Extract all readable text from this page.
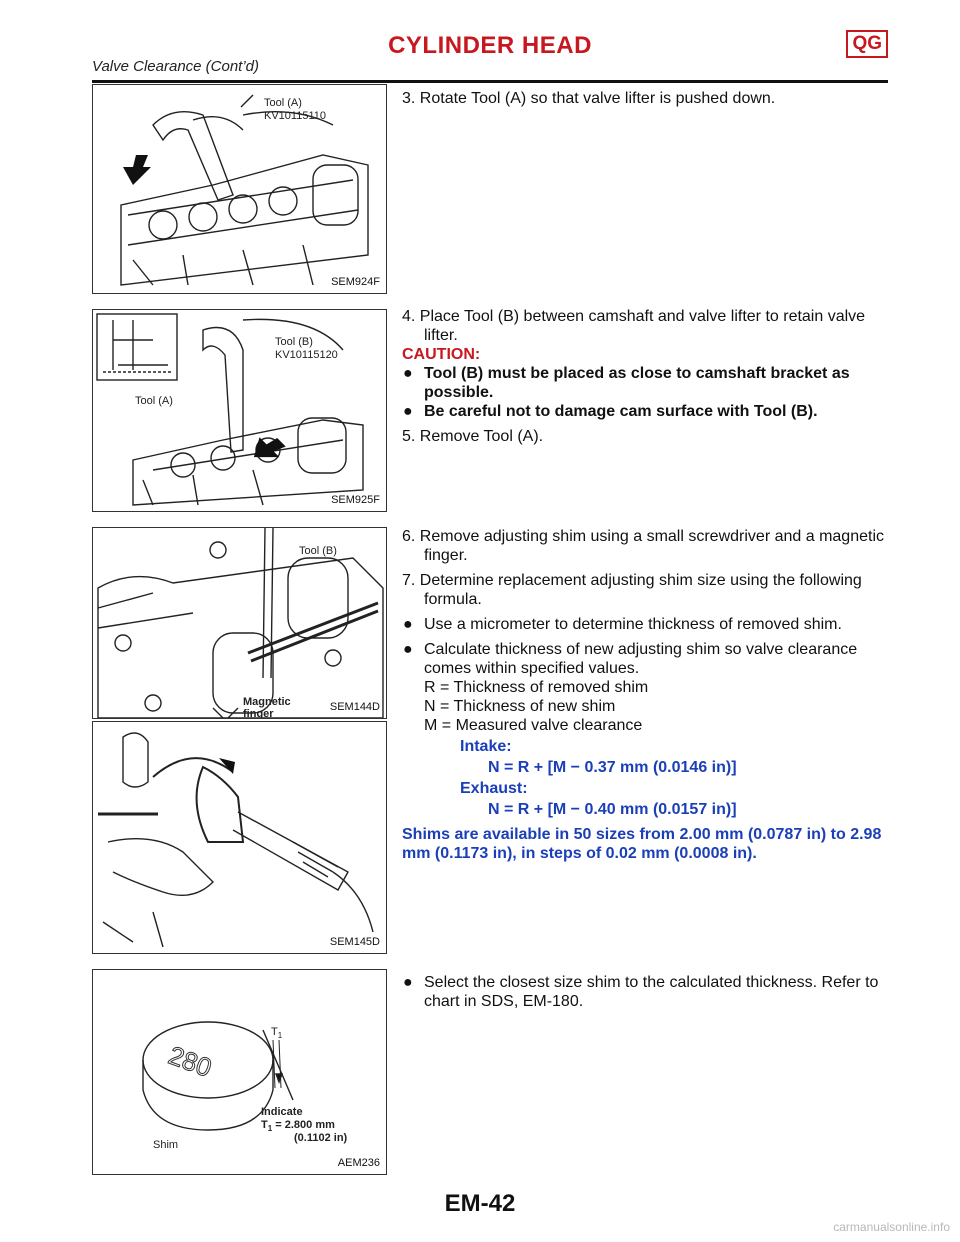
CYLINDER HEAD	QG
Valve Clearance (Cont’d)
Tool (A)
KV10115110
SEM924F
Tool (B)
KV10115120
Tool (A)
SEM925F
Tool (B)
Magnetic
finger
SEM144D
SEM145D
280
$T_1$
Indicate
$T_1 = 2.800$ mm
(0.1102 in)
Shim
AEM236

3. Rotate Tool (A) so that valve lifter is pushed down.

4. Place Tool (B) between camshaft and valve lifter to retain valve lifter.

CAUTION:

● Tool (B) must be placed as close to camshaft bracket as possible.

● Be careful not to damage cam surface with Tool (B).

5. Remove Tool (A).

6. Remove adjusting shim using a small screwdriver and a magnetic finger.

7. Determine replacement adjusting shim size using the following formula.

● Use a micrometer to determine thickness of removed shim.

● Calculate thickness of new adjusting shim so valve clearance comes within specified values.

R = Thickness of removed shim

N = Thickness of new shim

M = Measured valve clearance

Intake:

N = R + [M − 0.37 mm (0.0146 in)]

Exhaust:

N = R + [M − 0.40 mm (0.0157 in)]

Shims are available in 50 sizes from 2.00 mm (0.0787 in) to 2.98 mm (0.1173 in), in steps of 0.02 mm (0.0008 in).

● Select the closest size shim to the calculated thickness. Refer to chart in SDS, EM-180.

EM-42
carmanualsonline.info
